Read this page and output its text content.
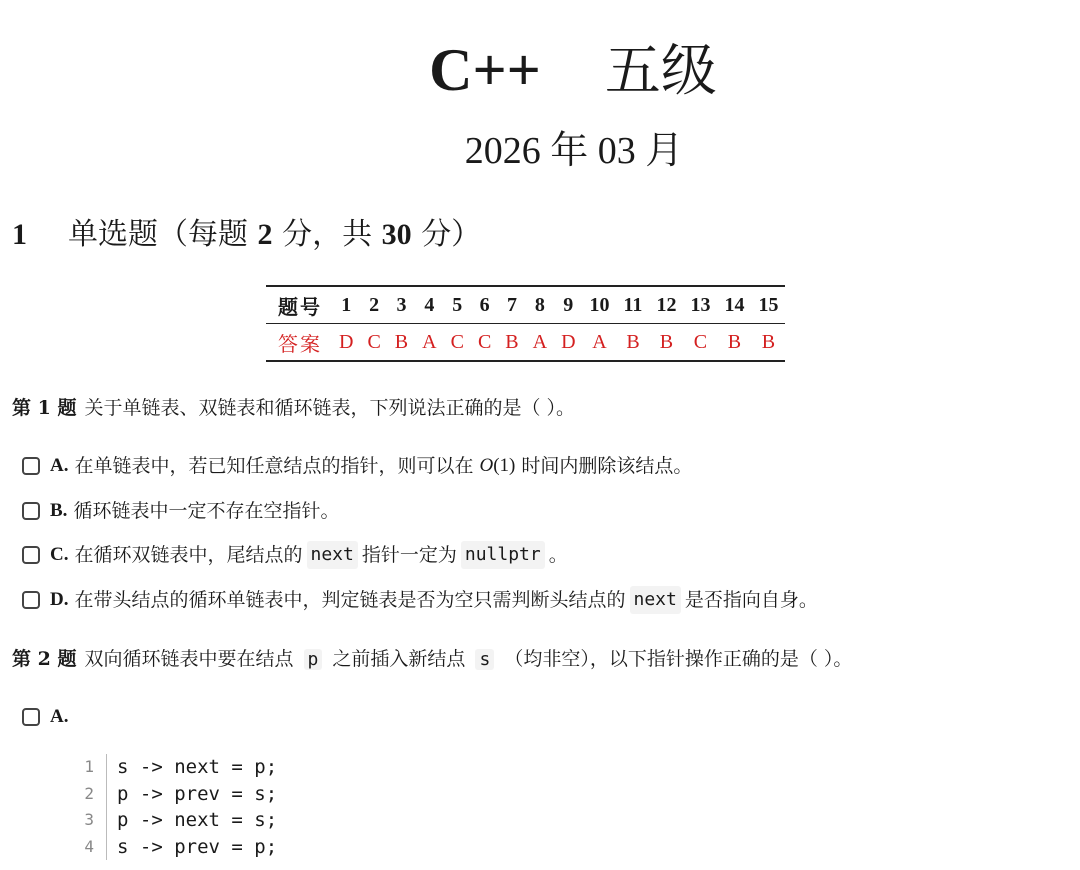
C++ 五级
2026 年 03 月
1 单选题（每题 2 分，共 30 分）
题号	1	2	3	4	5	6	7	8	9	10	11	12	13	14	15
答案	D	C	B	A	C	C	B	A	D	A	B	B	C	B	B
第 1 题 关于单链表、双链表和循环链表，下列说法正确的是（ ）。
A. 在单链表中，若已知任意结点的指针，则可以在 O (1) 时间内删除该结点。
B. 循环链表中一定不存在空指针。
C. 在循环双链表中，尾结点的 next 指针一定为 nullptr 。
D. 在带头结点的循环单链表中，判定链表是否为空只需判断头结点的 next 是否指向自身。
第 2 题 双向循环链表中要在结点 p 之前插入新结点 s （均非空），以下指针操作正确的是（ ）。
A.
1	s -> next = p;
2	p -> prev = s;
3	p -> next = s;
4	s -> prev = p;
